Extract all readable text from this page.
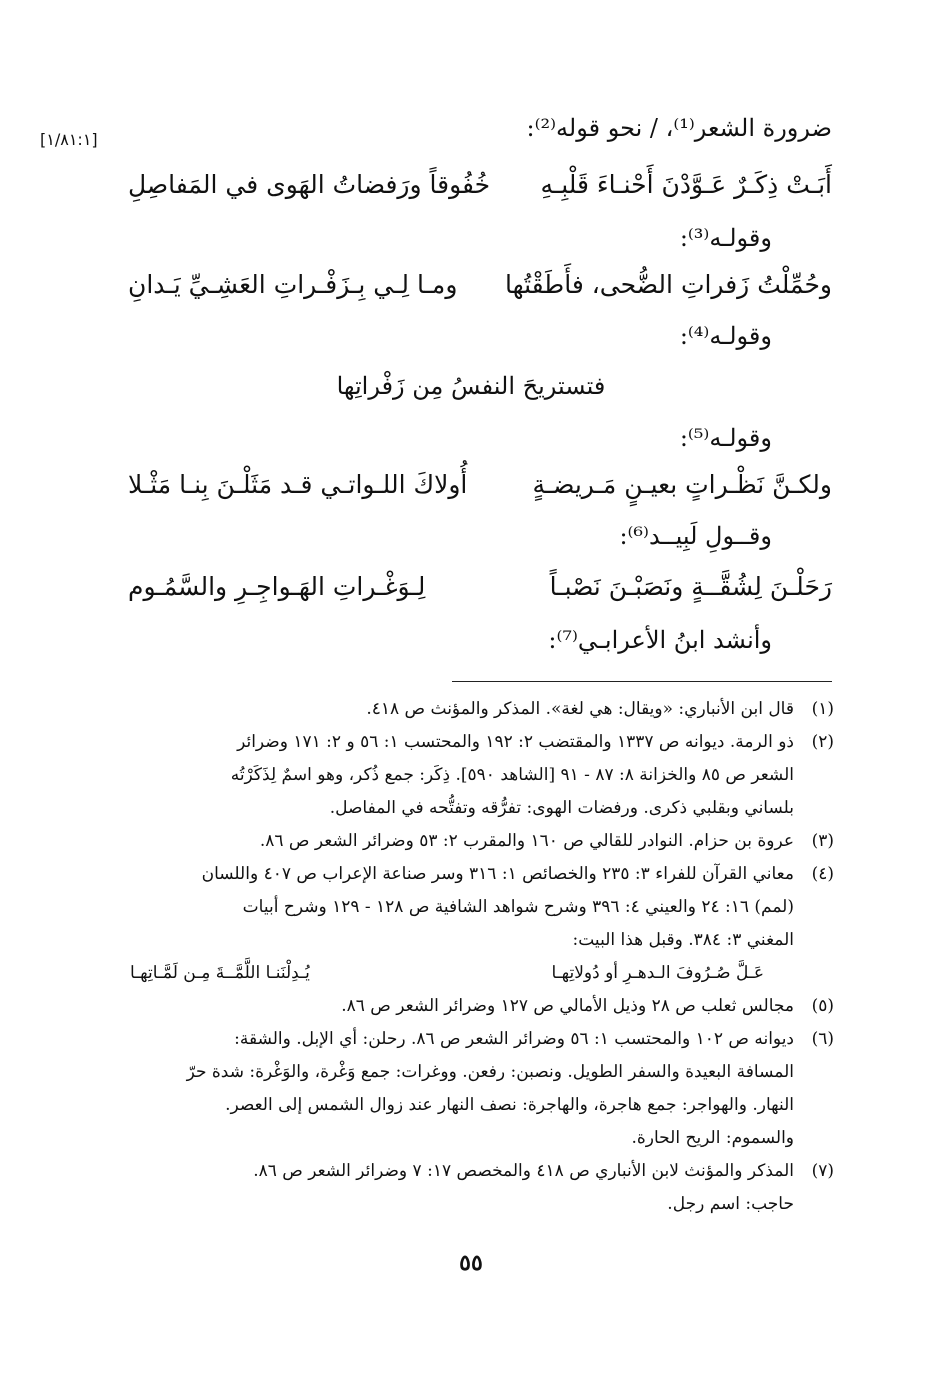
[١/٨١:١]	ضرورة الشعر⁽¹⁾، / نحو قوله⁽²⁾:
أَبَـتْ ذِكَـرٌ عَـوَّدْنَ أَحْنـاءَ قَلْبِـهِ
خُفُوقاً ورَفضاتُ الهَوى في المَفاصِلِ
وقولـه⁽³⁾:
وحُمِّلْتُ زَفراتِ الضُّحى، فأَطَقْتُها
ومـا لِـي بِـزَفْـراتِ العَشِـيِّ يَـدانِ
وقولـه⁽⁴⁾:
فتستريحَ النفسُ مِن زَفْراتِها
وقولـه⁽⁵⁾:
ولكـنَّ نَظْـراتٍ بعيـنٍ مَـريضـةٍ
أُولاكَ اللـواتـي قـد مَثَلْـنَ بِنـا مَثْـلا
وقــولِ لَبِيــد⁽⁶⁾:
رَحَلْـنَ لِشُقَّــةٍ ونَصَبْـنَ نَصْبـاً
لِـوَغْـراتِ الهَـواجِـرِ والسَّمُـوم
وأنشد ابنُ الأعرابـي⁽⁷⁾:
(١)
قال ابن الأنباري: «ويقال: هي لغة». المذكر والمؤنث ص ٤١٨.
(٢)
ذو الرمة. ديوانه ص ١٣٣٧ والمقتضب ٢: ١٩٢ والمحتسب ١: ٥٦ و ٢: ١٧١ وضرائر
الشعر ص ٨٥ والخزانة ٨: ٨٧ - ٩١ [الشاهد ٥٩٠]. ذِكَر: جمع ذُكر، وهو اسمٌ لِذَكَرْتُه
بلساني وبقلبي ذكرى. ورفضات الهوى: تفرُّقه وتفتُّحه في المفاصل.
(٣)
عروة بن حزام. النوادر للقالي ص ١٦٠ والمقرب ٢: ٥٣ وضرائر الشعر ص ٨٦.
(٤)
معاني القرآن للفراء ٣: ٢٣٥ والخصائص ١: ٣١٦ وسر صناعة الإعراب ص ٤٠٧ واللسان
(لمم) ١٦: ٢٤ والعيني ٤: ٣٩٦ وشرح شواهد الشافية ص ١٢٨ - ١٢٩ وشرح أبيات
المغني ٣: ٣٨٤. وقبل هذا البيت:
عَـلَّ صُـرُوفَ الـدهـرِ أو دُولاتِهـا
يُـدِلْنَنـا اللَّمَّــةَ مِـن لَمَّـاتِهـا
(٥)
مجالس ثعلب ص ٢٨ وذيل الأمالي ص ١٢٧ وضرائر الشعر ص ٨٦.
(٦)
ديوانه ص ١٠٢ والمحتسب ١: ٥٦ وضرائر الشعر ص ٨٦. رحلن: أي الإبل. والشقة:
المسافة البعيدة والسفر الطويل. ونصبن: رفعن. ووغرات: جمع وَغْرة، والوَغْرة: شدة حرّ
النهار. والهواجر: جمع هاجرة، والهاجرة: نصف النهار عند زوال الشمس إلى العصر.
والسموم: الريح الحارة.
(٧)
المذكر والمؤنث لابن الأنباري ص ٤١٨ والمخصص ١٧: ٧ وضرائر الشعر ص ٨٦.
حاجب: اسم رجل.
٥٥
